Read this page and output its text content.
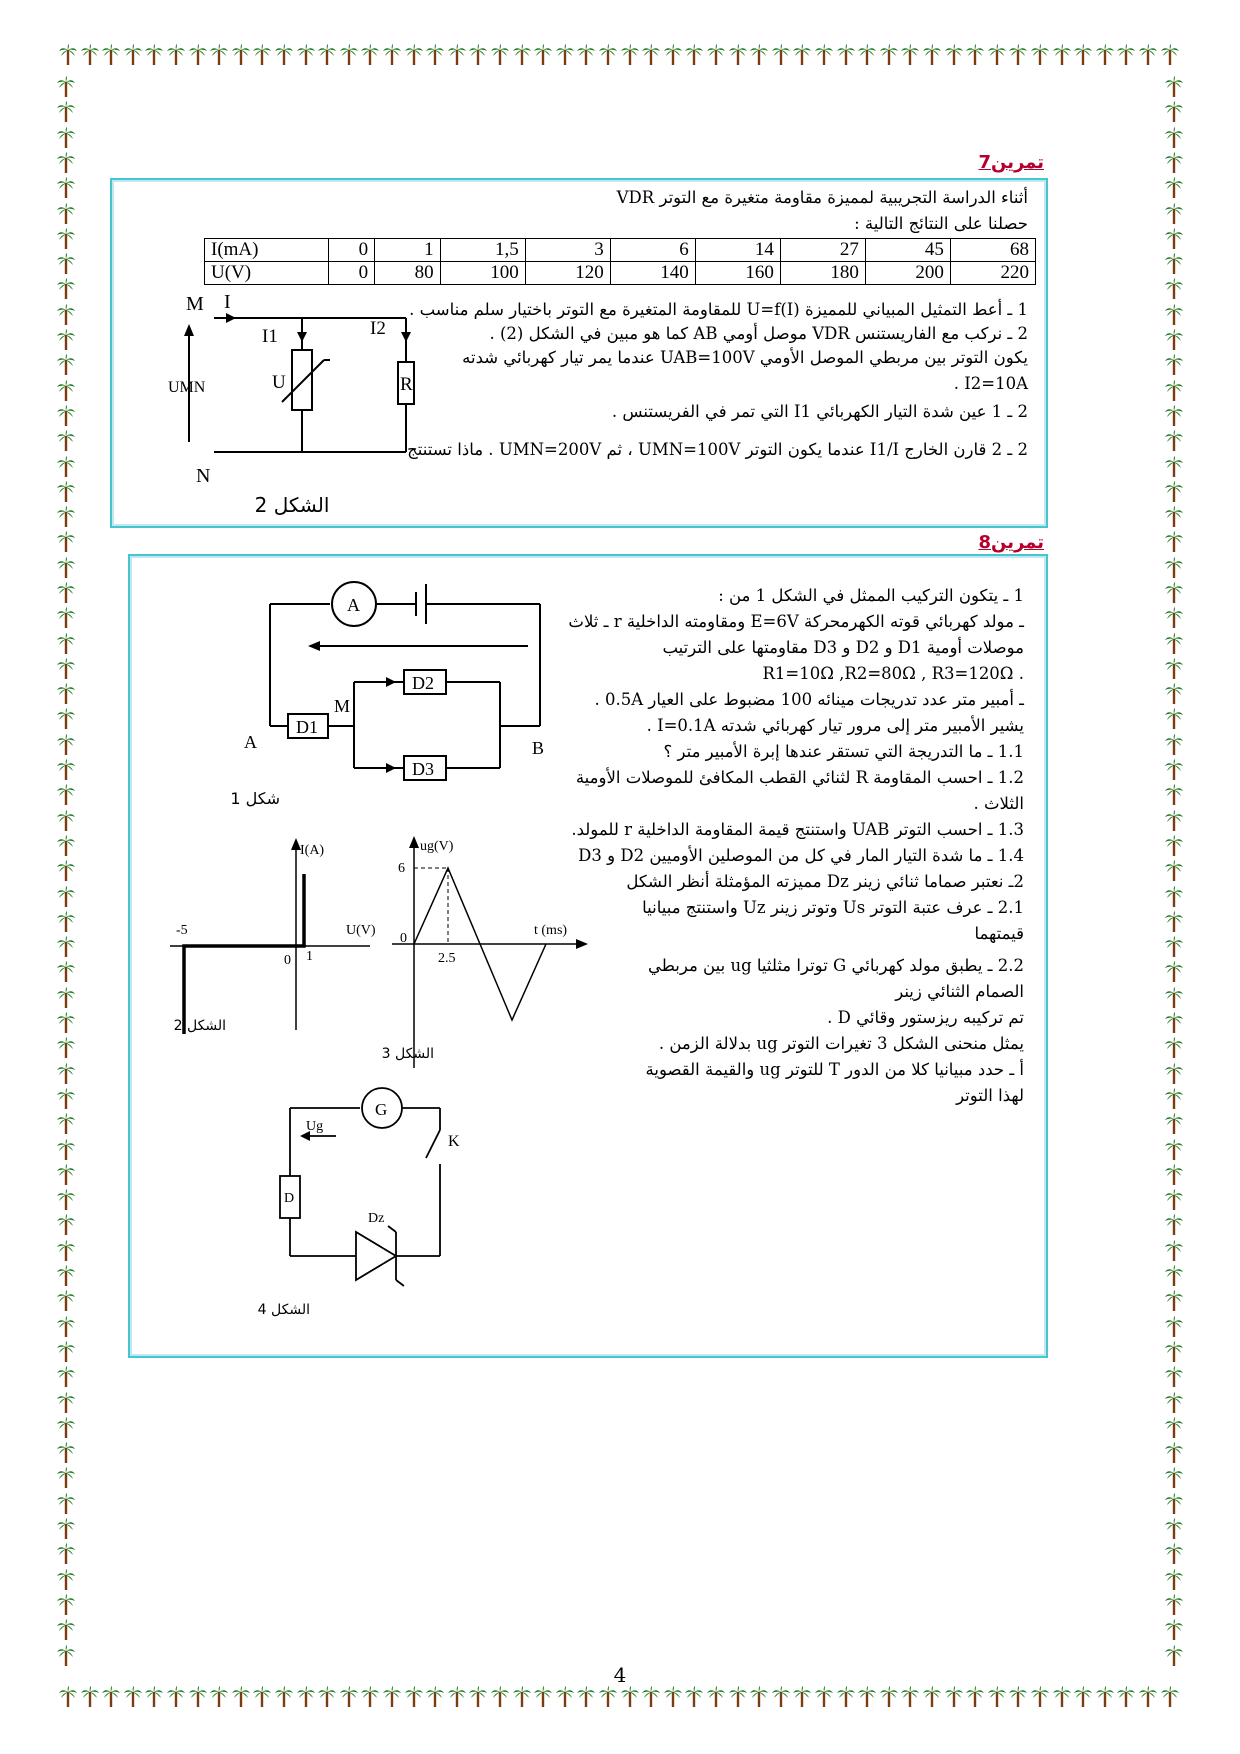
تمرين7
أثناء الدراسة التجريبية لمميزة مقاومة متغيرة مع التوتر VDR
حصلنا على النتائج التالية :
I(mA)	0	1	1,5	3	6	14	27	45	68
U(V)	0	80	100	120	140	160	180	200	220
M I
I1	I2
UMN	U	R
N
الشكل 2
1 ـ أعط التمثيل المبياني للمميزة U=f(I) للمقاومة المتغيرة مع التوتر باختيار سلم مناسب .
2 ـ نركب مع الفاريستنس VDR موصل أومي AB كما هو مبين في الشكل (2) .
يكون التوتر بين مربطي الموصل الأومي UAB=100V عندما يمر تيار كهربائي شدته
I2=10A .
2 ـ 1 عين شدة التيار الكهربائي I1 التي تمر في الفريستنس .
2 ـ 2 قارن الخارج I1/I عندما يكون التوتر UMN=100V ، ثم UMN=200V . ماذا تستنتج
تمرين8
1 ـ يتكون التركيب الممثل في الشكل 1 من :
ـ مولد كهربائي قوته الكهرمحركة E=6V ومقاومته الداخلية r ـ ثلاث
موصلات أومية D1 و D2 و D3 مقاومتها على الترتيب
. R1=10Ω ,R2=80Ω , R3=120Ω
ـ أمبير متر عدد تدريجات مينائه 100 مضبوط على العيار 0.5A .
يشير الأمبير متر إلى مرور تيار كهربائي شدته I=0.1A .
1.1 ـ ما التدريجة التي تستقر عندها إبرة الأمبير متر ؟
1.2 ـ احسب المقاومة R لثنائي القطب المكافئ للموصلات الأومية
الثلاث .
1.3 ـ احسب التوتر UAB واستنتج قيمة المقاومة الداخلية r للمولد.
1.4 ـ ما شدة التيار المار في كل من الموصلين الأوميين D2 و D3
2ـ نعتبر صماما ثنائي زينر Dz مميزته المؤمثلة أنظر الشكل
2.1 ـ عرف عتبة التوتر Us وتوتر زينر Uz واستنتج مبيانيا
قيمتهما
2.2 ـ يطبق مولد كهربائي G توترا مثلثيا ug بين مربطي
الصمام الثنائي زينر
تم تركيبه ريزستور وقائي D .
يمثل منحنى الشكل 3 تغيرات التوتر ug بدلالة الزمن .
أ ـ حدد مبيانيا كلا من الدور T للتوتر ug والقيمة القصوية
لهذا التوتر
A
D1
D2
D3
M
A	B
شكل 1
I(A)
U(V)
-5
0 1
الشكل 2
ug(V)
t (ms)
6
0
2.5
الشكل 3
G
Ug
K
D
Dz
الشكل 4
4
